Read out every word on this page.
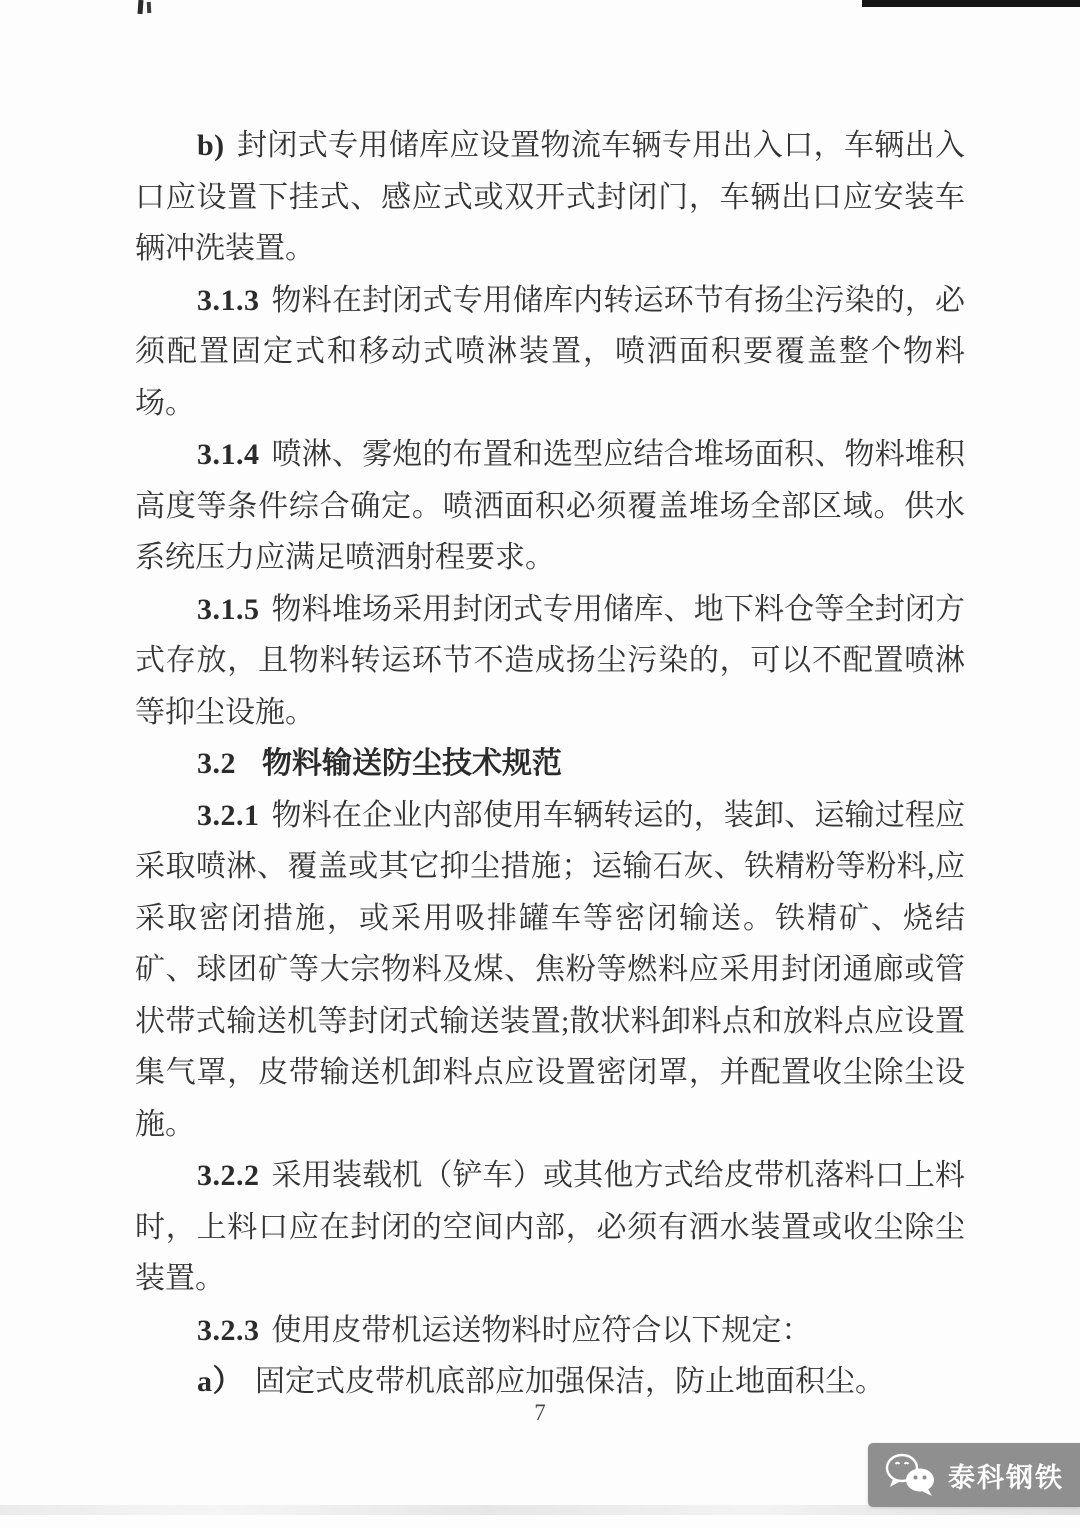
b) 封闭式专用储库应设置物流车辆专用出入口，车辆出入口应设置下挂式、感应式或双开式封闭门，车辆出口应安装车辆冲洗装置。

3.1.3 物料在封闭式专用储库内转运环节有扬尘污染的，必须配置固定式和移动式喷淋装置，喷洒面积要覆盖整个物料场。

3.1.4 喷淋、雾炮的布置和选型应结合堆场面积、物料堆积高度等条件综合确定。喷洒面积必须覆盖堆场全部区域。供水系统压力应满足喷洒射程要求。

3.1.5 物料堆场采用封闭式专用储库、地下料仓等全封闭方式存放，且物料转运环节不造成扬尘污染的，可以不配置喷淋等抑尘设施。

3.2 物料输送防尘技术规范

3.2.1 物料在企业内部使用车辆转运的，装卸、运输过程应采取喷淋、覆盖或其它抑尘措施；运输石灰、铁精粉等粉料,应采取密闭措施，或采用吸排罐车等密闭输送。铁精矿、烧结矿、球团矿等大宗物料及煤、焦粉等燃料应采用封闭通廊或管状带式输送机等封闭式输送装置;散状料卸料点和放料点应设置集气罩，皮带输送机卸料点应设置密闭罩，并配置收尘除尘设施。

3.2.2 采用装载机（铲车）或其他方式给皮带机落料口上料时，上料口应在封闭的空间内部，必须有洒水装置或收尘除尘装置。

3.2.3 使用皮带机运送物料时应符合以下规定：

a） 固定式皮带机底部应加强保洁，防止地面积尘。

7
泰科钢铁
